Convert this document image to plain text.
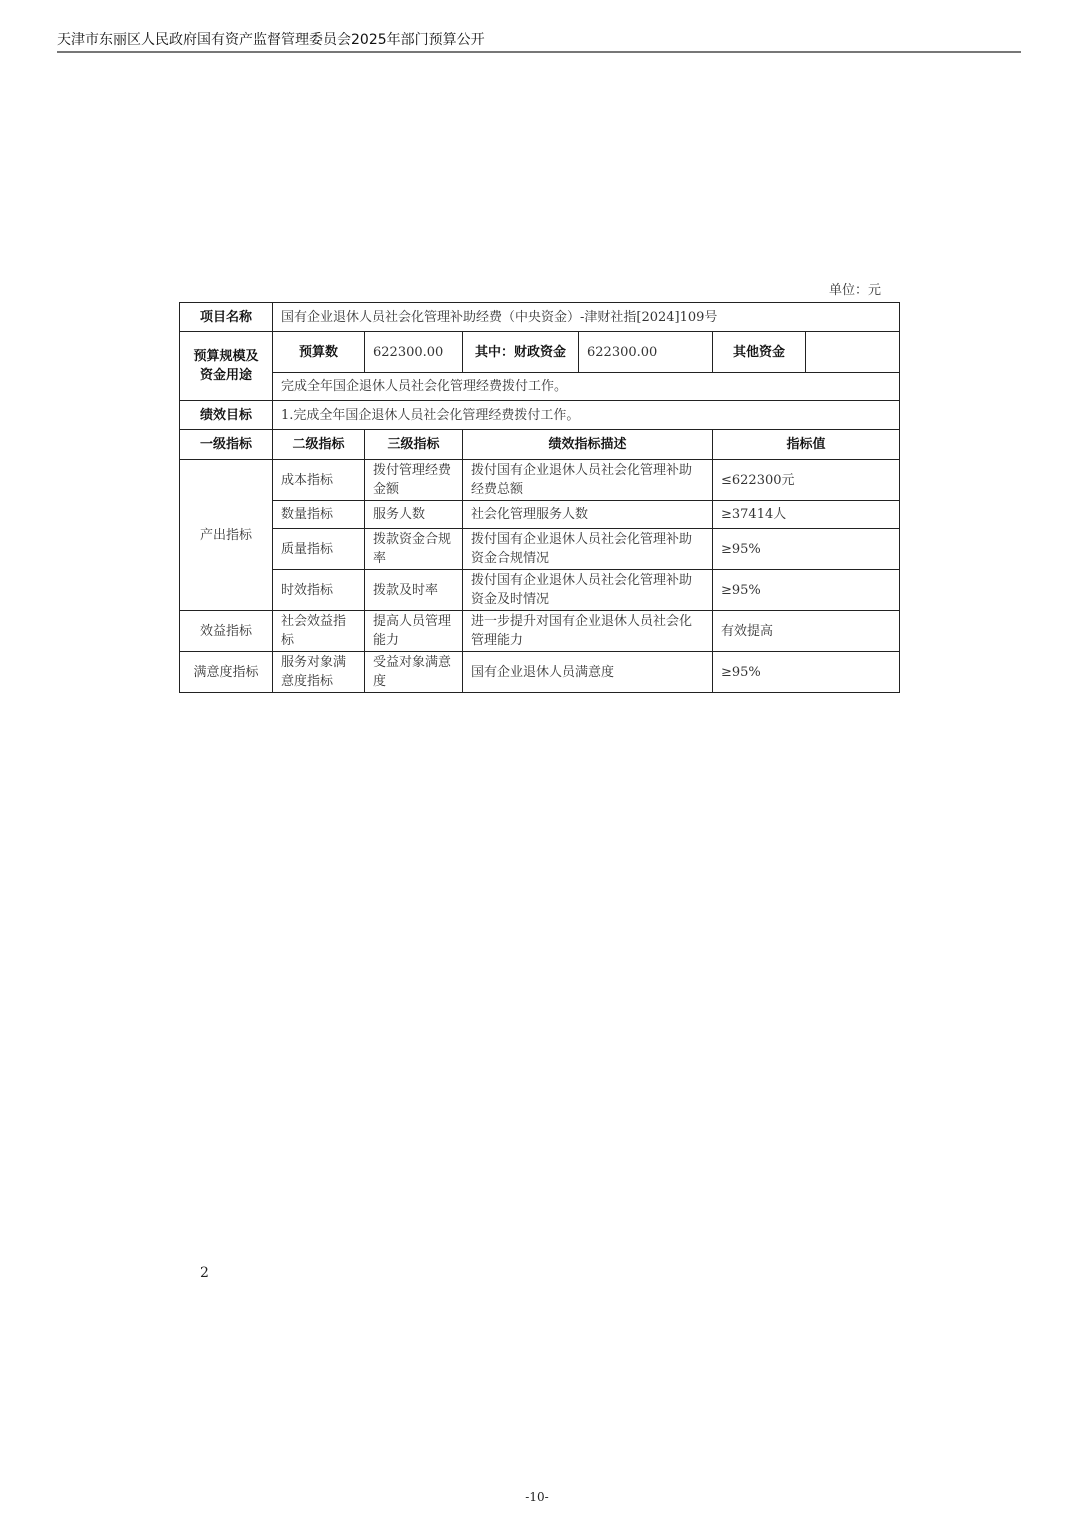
天津市东丽区人民政府国有资产监督管理委员会2025年部门预算公开
单位：元
项目名称	国有企业退休人员社会化管理补助经费（中央资金）-津财社指[2024]109号					
预算规模及资金用途	预算数	622300.00	其中：财政资金	622300.00	其他资金	
	完成全年国企退休人员社会化管理经费拨付工作。					
绩效目标	1.完成全年国企退休人员社会化管理经费拨付工作。					
一级指标	二级指标	三级指标	绩效指标描述		指标值	
产出指标	成本指标	拨付管理经费金额	拨付国有企业退休人员社会化管理补助经费总额		≤622300元	
	数量指标	服务人数	社会化管理服务人数		≥37414人	
	质量指标	拨款资金合规率	拨付国有企业退休人员社会化管理补助资金合规情况		≥95%	
	时效指标	拨款及时率	拨付国有企业退休人员社会化管理补助资金及时情况		≥95%	
效益指标	社会效益指标	提高人员管理能力	进一步提升对国有企业退休人员社会化管理能力		有效提高	
满意度指标	服务对象满意度指标	受益对象满意度	国有企业退休人员满意度		≥95%	
2
-10-
